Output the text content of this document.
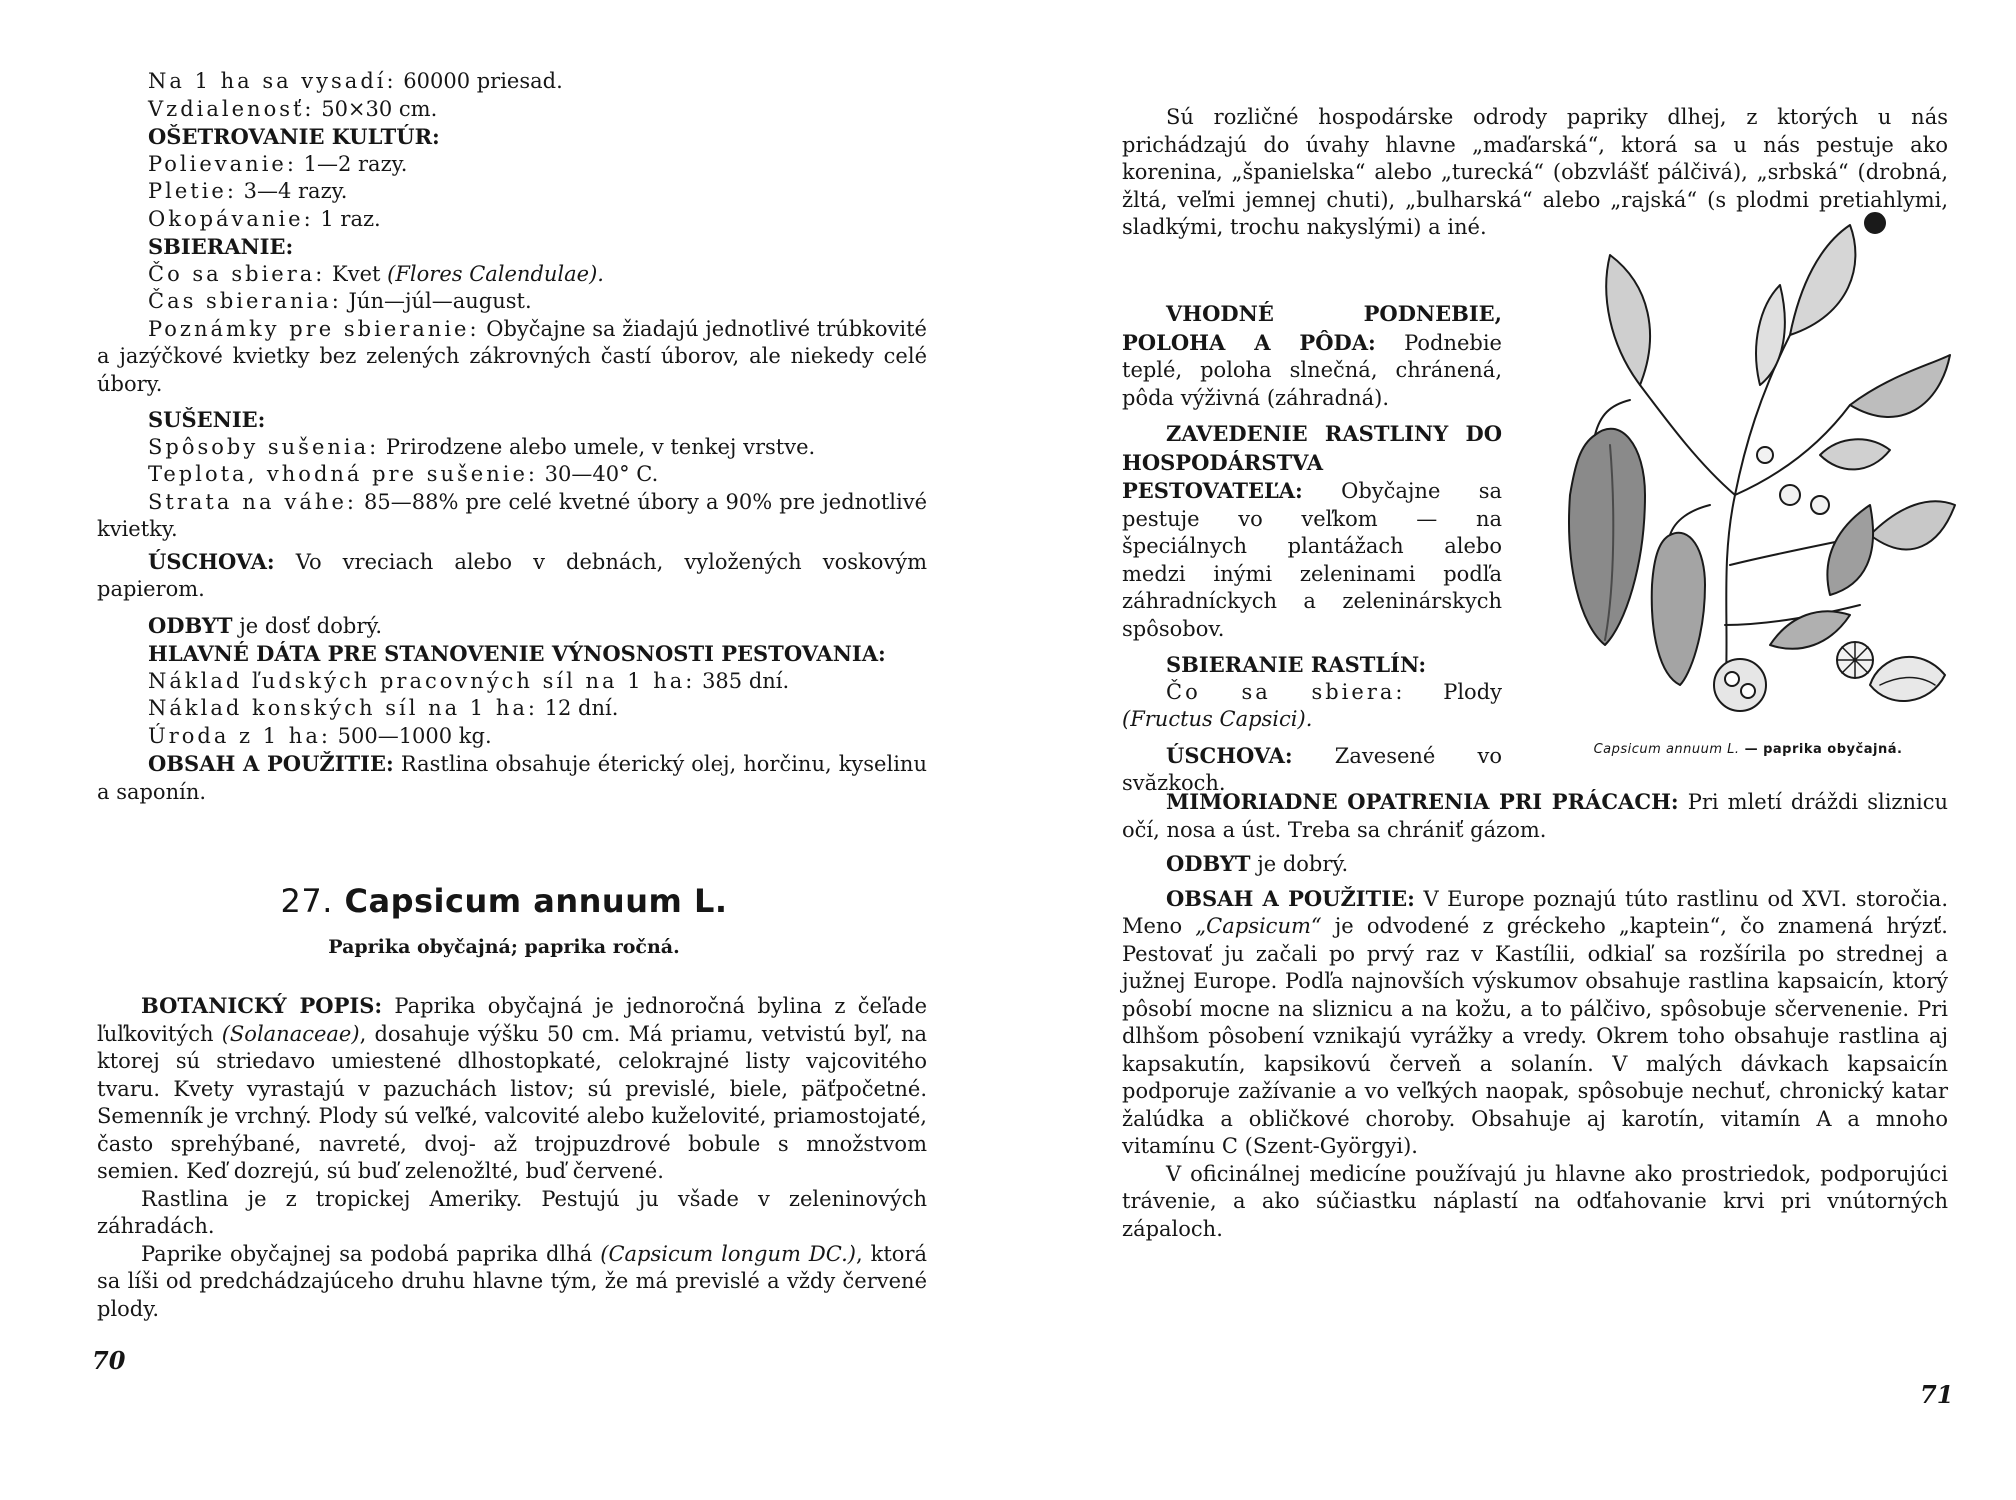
Na 1 ha sa vysadí: 60000 priesad.

Vzdialenosť: 50×30 cm.

OŠETROVANIE KULTÚR:

Polievanie: 1—2 razy.

Pletie: 3—4 razy.

Okopávanie: 1 raz.

SBIERANIE:

Čo sa sbiera: Kvet (Flores Calendulae).

Čas sbierania: Jún—júl—august.

Poznámky pre sbieranie: Obyčajne sa žiadajú jednotlivé trúbkovité a jazýčkové kvietky bez zelených zákrovných častí úborov, ale niekedy celé úbory.

SUŠENIE:

Spôsoby sušenia: Prirodzene alebo umele, v tenkej vrstve.

Teplota, vhodná pre sušenie: 30—40° C.

Strata na váhe: 85—88% pre celé kvetné úbory a 90% pre jednotlivé kvietky.

ÚSCHOVA: Vo vreciach alebo v debnách, vyložených voskovým papierom.

ODBYT je dosť dobrý.

HLAVNÉ DÁTA PRE STANOVENIE VÝNOSNOSTI PESTOVANIA:

Náklad ľudských pracovných síl na 1 ha: 385 dní.

Náklad konských síl na 1 ha: 12 dní.

Úroda z 1 ha: 500—1000 kg.

OBSAH A POUŽITIE: Rastlina obsahuje éterický olej, horčinu, kyselinu a saponín.

27. Capsicum annuum L.
Paprika obyčajná; paprika ročná.

BOTANICKÝ POPIS: Paprika obyčajná je jednoročná bylina z čeľade ľuľkovitých (Solanaceae), dosahuje výšku 50 cm. Má priamu, vetvistú byľ, na ktorej sú striedavo umiestené dlhostopkaté, celokrajné listy vajcovitého tvaru. Kvety vyrastajú v pazuchách listov; sú previslé, biele, päťpočetné. Semenník je vrchný. Plody sú veľké, valcovité alebo kuželovité, priamostojaté, často sprehýbané, navreté, dvoj- až trojpuzdrové bobule s množstvom semien. Keď dozrejú, sú buď zelenožlté, buď červené.

Rastlina je z tropickej Ameriky. Pestujú ju všade v zeleninových záhradách.

Paprike obyčajnej sa podobá paprika dlhá (Capsicum longum DC.), ktorá sa líši od predchádzajúceho druhu hlavne tým, že má previslé a vždy červené plody.

70

Sú rozličné hospodárske odrody papriky dlhej, z ktorých u nás prichádzajú do úvahy hlavne „maďarská“, ktorá sa u nás pestuje ako korenina, „španielska“ alebo „turecká“ (obzvlášť pálčivá), „srbská“ (drobná, žltá, veľmi jemnej chuti), „bulharská“ alebo „rajská“ (s plodmi pretiahlymi, sladkými, trochu nakyslými) a iné.

VHODNÉ PODNEBIE, POLOHA A PÔDA: Podnebie teplé, poloha slnečná, chránená, pôda výživná (záhradná).

ZAVEDENIE RASTLINY DO HOSPODÁRSTVA PESTOVATEĽA: Obyčajne sa pestuje vo veľkom — na špeciálnych plantážach alebo medzi inými zeleninami podľa záhradníckych a zeleninárskych spôsobov.

SBIERANIE RASTLÍN:

Čo sa sbiera: Plody (Fructus Capsici).

ÚSCHOVA: Zavesené vo svăzkoch.

Capsicum annuum L. — paprika obyčajná.

MIMORIADNE OPATRENIA PRI PRÁCACH: Pri mletí dráždi sliznicu očí, nosa a úst. Treba sa chrániť gázom.

ODBYT je dobrý.

OBSAH A POUŽITIE: V Europe poznajú túto rastlinu od XVI. storočia. Meno „Capsicum“ je odvodené z gréckeho „kaptein“, čo znamená hrýzť. Pestovať ju začali po prvý raz v Kastílii, odkiaľ sa rozšírila po strednej a južnej Europe. Podľa najnovších výskumov obsahuje rastlina kapsaicín, ktorý pôsobí mocne na sliznicu a na kožu, a to pálčivo, spôsobuje sčervenenie. Pri dlhšom pôsobení vznikajú vyrážky a vredy. Okrem toho obsahuje rastlina aj kapsakutín, kapsikovú červeň a solanín. V malých dávkach kapsaicín podporuje zažívanie a vo veľkých naopak, spôsobuje nechuť, chronický katar žalúdka a obličkové choroby. Obsahuje aj karotín, vitamín A a mnoho vitamínu C (Szent-Györgyi).

V oficinálnej medicíne používajú ju hlavne ako prostriedok, podporujúci trávenie, a ako súčiastku náplastí na odťahovanie krvi pri vnútorných zápaloch.

71
